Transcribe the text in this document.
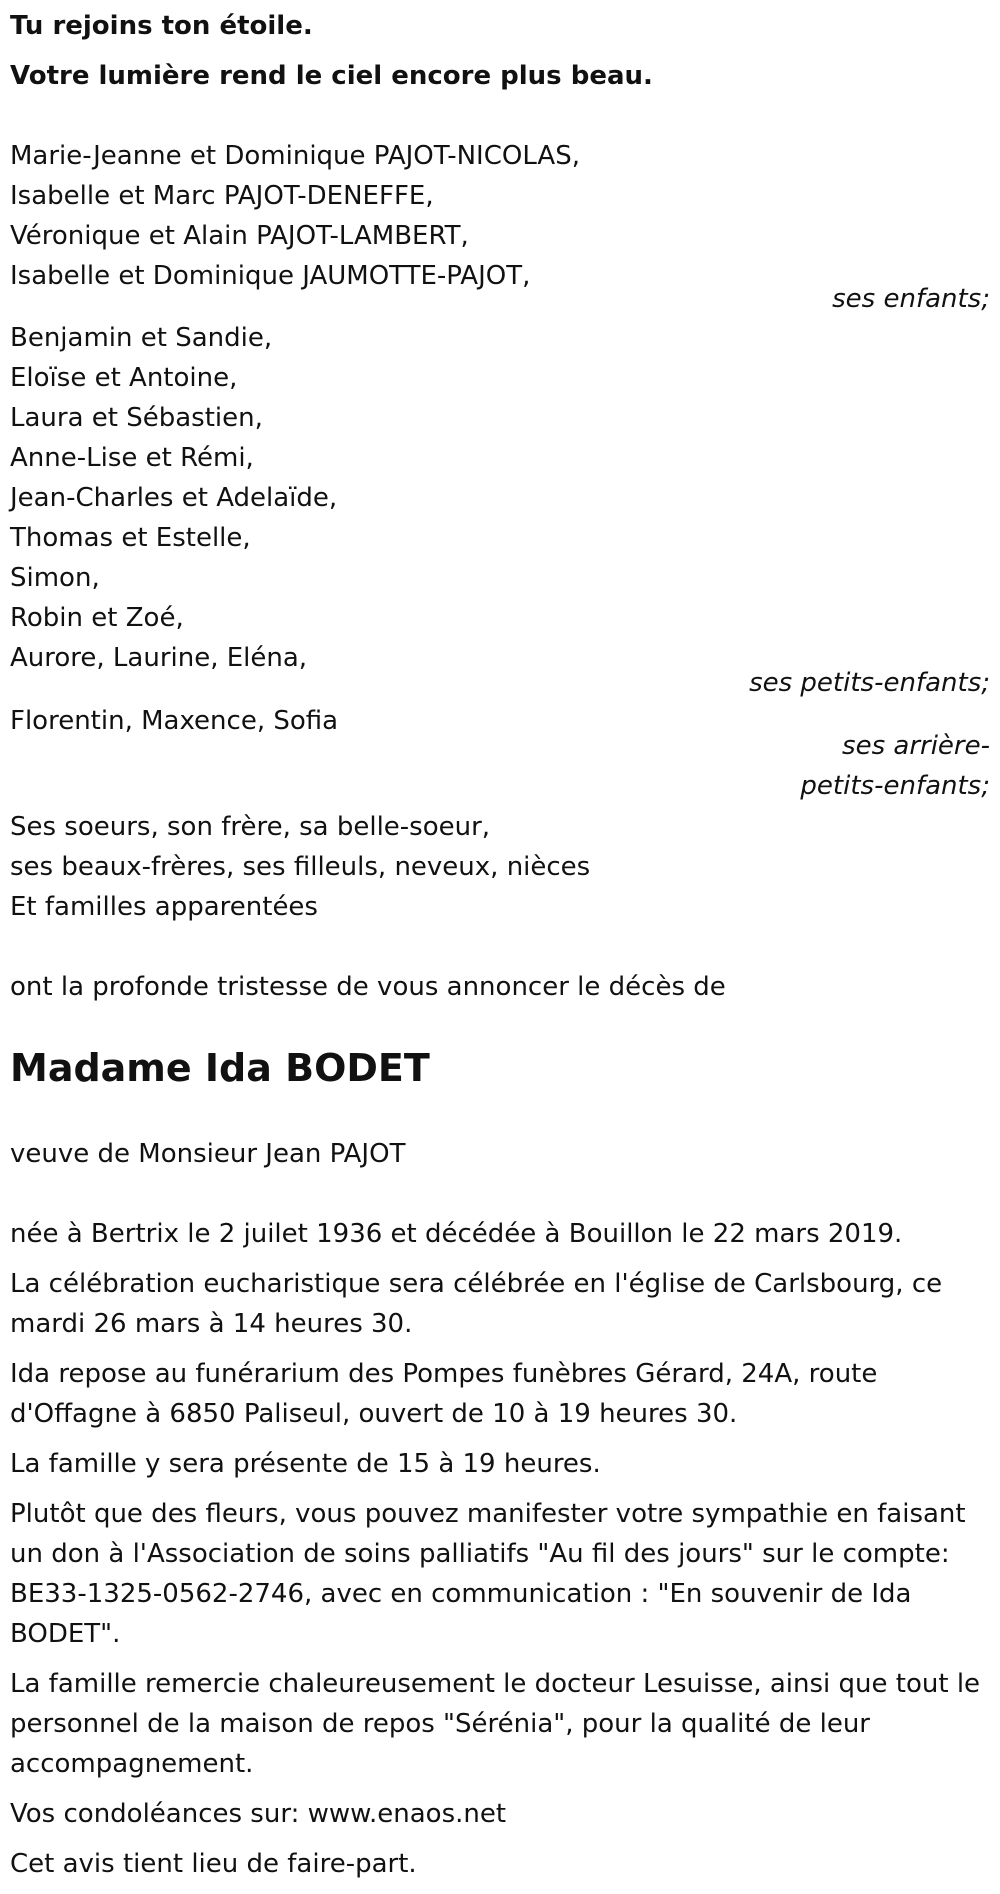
Tu rejoins ton étoile.
Votre lumière rend le ciel encore plus beau.
Marie-Jeanne et Dominique PAJOT-NICOLAS,
Isabelle et Marc PAJOT-DENEFFE,
Véronique et Alain PAJOT-LAMBERT,
Isabelle et Dominique JAUMOTTE-PAJOT,
ses enfants;
Benjamin et Sandie,
Eloïse et Antoine,
Laura et Sébastien,
Anne-Lise et Rémi,
Jean-Charles et Adelaïde,
Thomas et Estelle,
Simon,
Robin et Zoé,
Aurore, Laurine, Eléna,
ses petits-enfants;
Florentin, Maxence, Sofia
ses arrière-petits-enfants;
Ses soeurs, son frère, sa belle-soeur,
ses beaux-frères, ses filleuls, neveux, nièces
Et familles apparentées
ont la profonde tristesse de vous annoncer le décès de
Madame Ida BODET
veuve de Monsieur Jean PAJOT
née à Bertrix le 2 juilet 1936 et décédée à Bouillon le 22 mars 2019.
La célébration eucharistique sera célébrée en l'église de Carlsbourg, ce mardi 26 mars à 14 heures 30.
Ida repose au funérarium des Pompes funèbres Gérard, 24A, route d'Offagne à 6850 Paliseul, ouvert de 10 à 19 heures 30.
La famille y sera présente de 15 à 19 heures.
Plutôt que des fleurs, vous pouvez manifester votre sympathie en faisant un don à l'Association de soins palliatifs "Au fil des jours" sur le compte: BE33-1325-0562-2746, avec en communication : "En souvenir de Ida BODET".
La famille remercie chaleureusement le docteur Lesuisse, ainsi que tout le personnel de la maison de repos "Sérénia", pour la qualité de leur accompagnement.
Vos condoléances sur: www.enaos.net
Cet avis tient lieu de faire-part.
